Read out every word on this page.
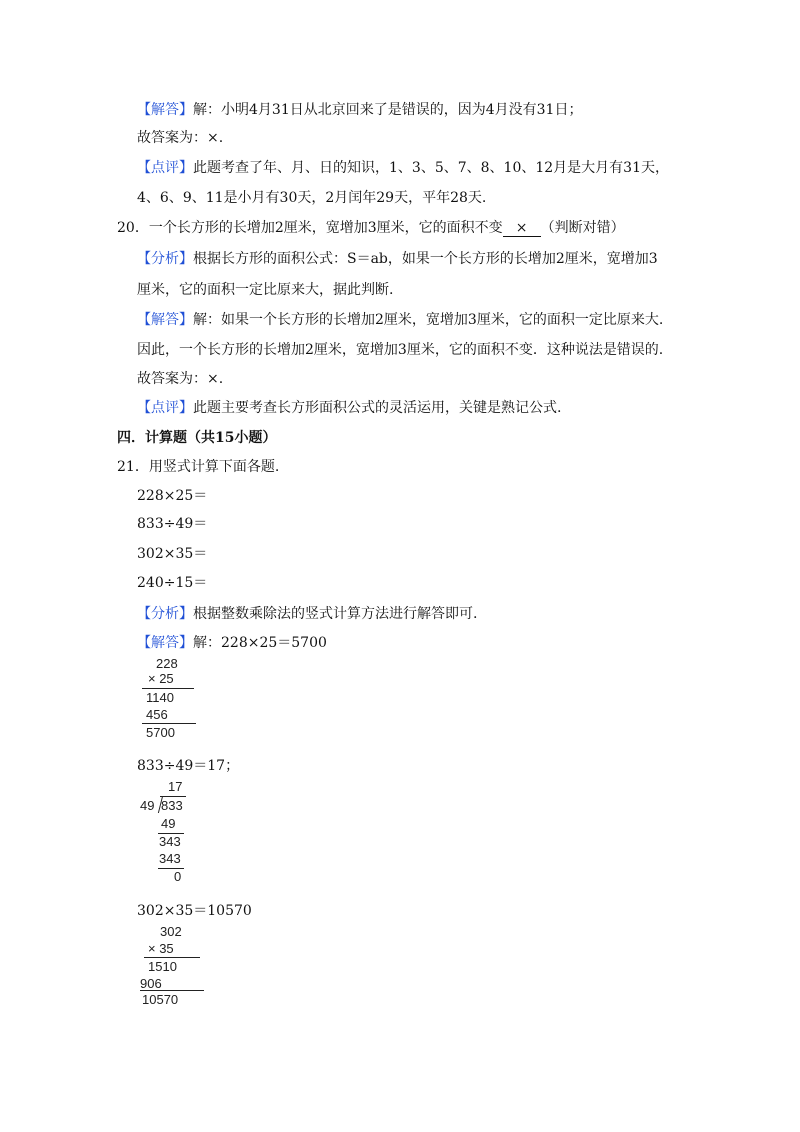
【解答】解：小明4月31日从北京回来了是错误的，因为4月没有31日；
故答案为：×.
【点评】此题考查了年、月、日的知识，1、3、5、7、8、10、12月是大月有31天，
4、6、9、11是小月有30天，2月闰年29天，平年28天.
20．一个长方形的长增加2厘米，宽增加3厘米，它的面积不变 × （判断对错）
【分析】根据长方形的面积公式：S＝ab，如果一个长方形的长增加2厘米，宽增加3
厘米，它的面积一定比原来大，据此判断.
【解答】解：如果一个长方形的长增加2厘米，宽增加3厘米，它的面积一定比原来大.
因此，一个长方形的长增加2厘米，宽增加3厘米，它的面积不变．这种说法是错误的.
故答案为：×.
【点评】此题主要考查长方形面积公式的灵活运用，关键是熟记公式.
四．计算题（共15小题）
21．用竖式计算下面各题.
228×25＝
833÷49＝
302×35＝
240÷15＝
【分析】根据整数乘除法的竖式计算方法进行解答即可.
【解答】解：228×25＝5700
228
× 25
1140
456
5700
833÷49＝17；
17
49 833
49
343
343
0
302×35＝10570
302
× 35
1510
906
10570
